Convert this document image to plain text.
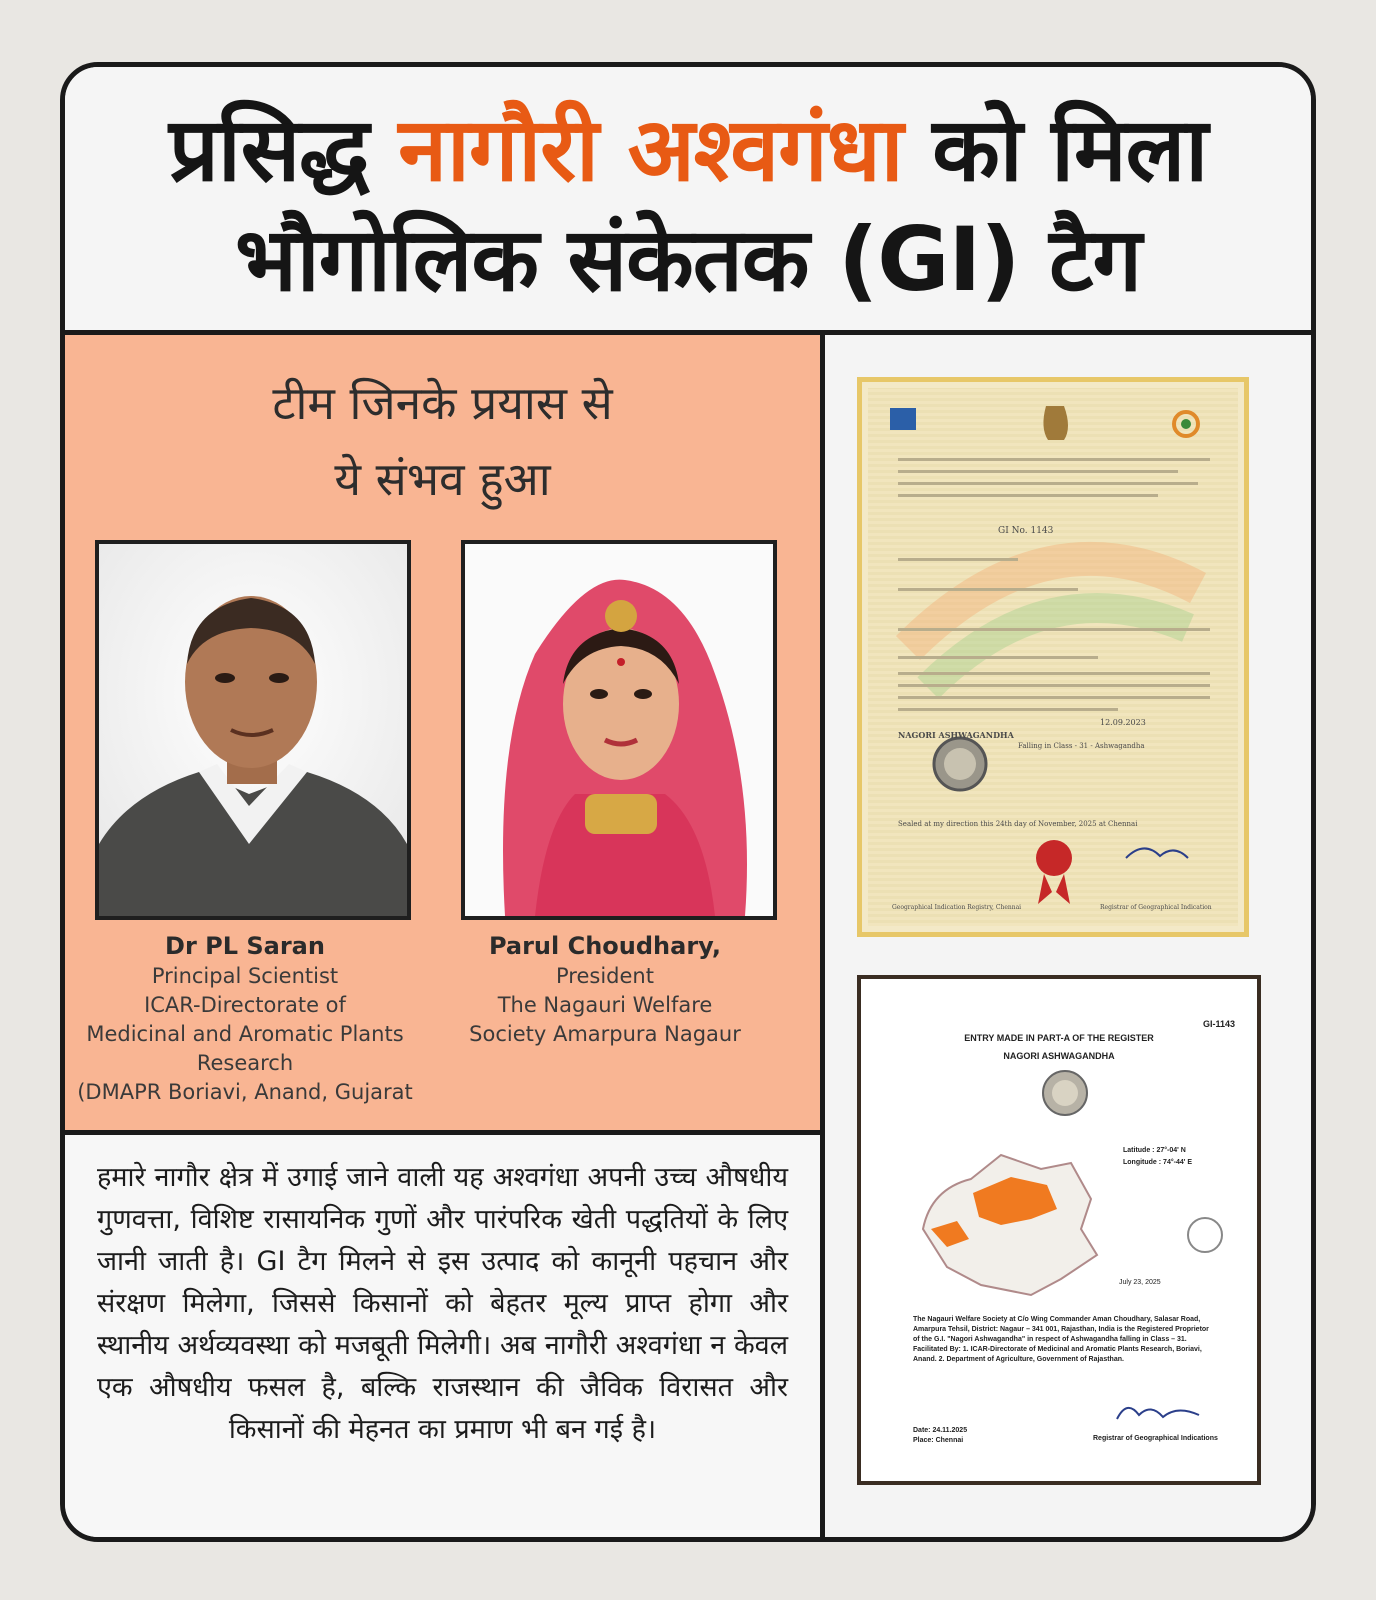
प्रसिद्ध नागौरी अश्वगंधा को मिला
भौगोलिक संकेतक (GI) टैग
टीम जिनके प्रयास से
ये संभव हुआ
Dr PL Saran
Principal Scientist
ICAR-Directorate of
Medicinal and Aromatic Plants
Research
(DMAPR Boriavi, Anand, Gujarat
Parul Choudhary,
President
The Nagauri Welfare
Society Amarpura Nagaur

हमारे नागौर क्षेत्र में उगाई जाने वाली यह अश्वगंधा अपनी उच्च औषधीय गुणवत्ता, विशिष्ट रासायनिक गुणों और पारंपरिक खेती पद्धतियों के लिए जानी जाती है। GI टैग मिलने से इस उत्पाद को कानूनी पहचान और संरक्षण मिलेगा, जिससे किसानों को बेहतर मूल्य प्राप्त होगा और स्थानीय अर्थव्यवस्था को मजबूती मिलेगी। अब नागौरी अश्वगंधा न केवल एक औषधीय फसल है, बल्कि राजस्थान की जैविक विरासत और किसानों की मेहनत का प्रमाण भी बन गई है।

GI No. 1143
12.09.2023
NAGORI ASHWAGANDHA
Falling in Class - 31 - Ashwagandha
Sealed at my direction this 24th day of November, 2025 at Chennai
Geographical Indication Registry, Chennai	Registrar of Geographical Indication
GI-1143
ENTRY MADE IN PART-A OF THE REGISTER
NAGORI ASHWAGANDHA
Latitude : 27°-04' N
Longitude : 74°-44' E
July 23, 2025
The Nagauri Welfare Society at C/o Wing Commander Aman Choudhary, Salasar Road, Amarpura Tehsil, District: Nagaur – 341 001, Rajasthan, India is the Registered Proprietor of the G.I. "Nagori Ashwagandha" in respect of Ashwagandha falling in Class – 31. Facilitated By: 1. ICAR-Directorate of Medicinal and Aromatic Plants Research, Boriavi, Anand. 2. Department of Agriculture, Government of Rajasthan.
Date: 24.11.2025
Place: Chennai	Registrar of Geographical Indications
